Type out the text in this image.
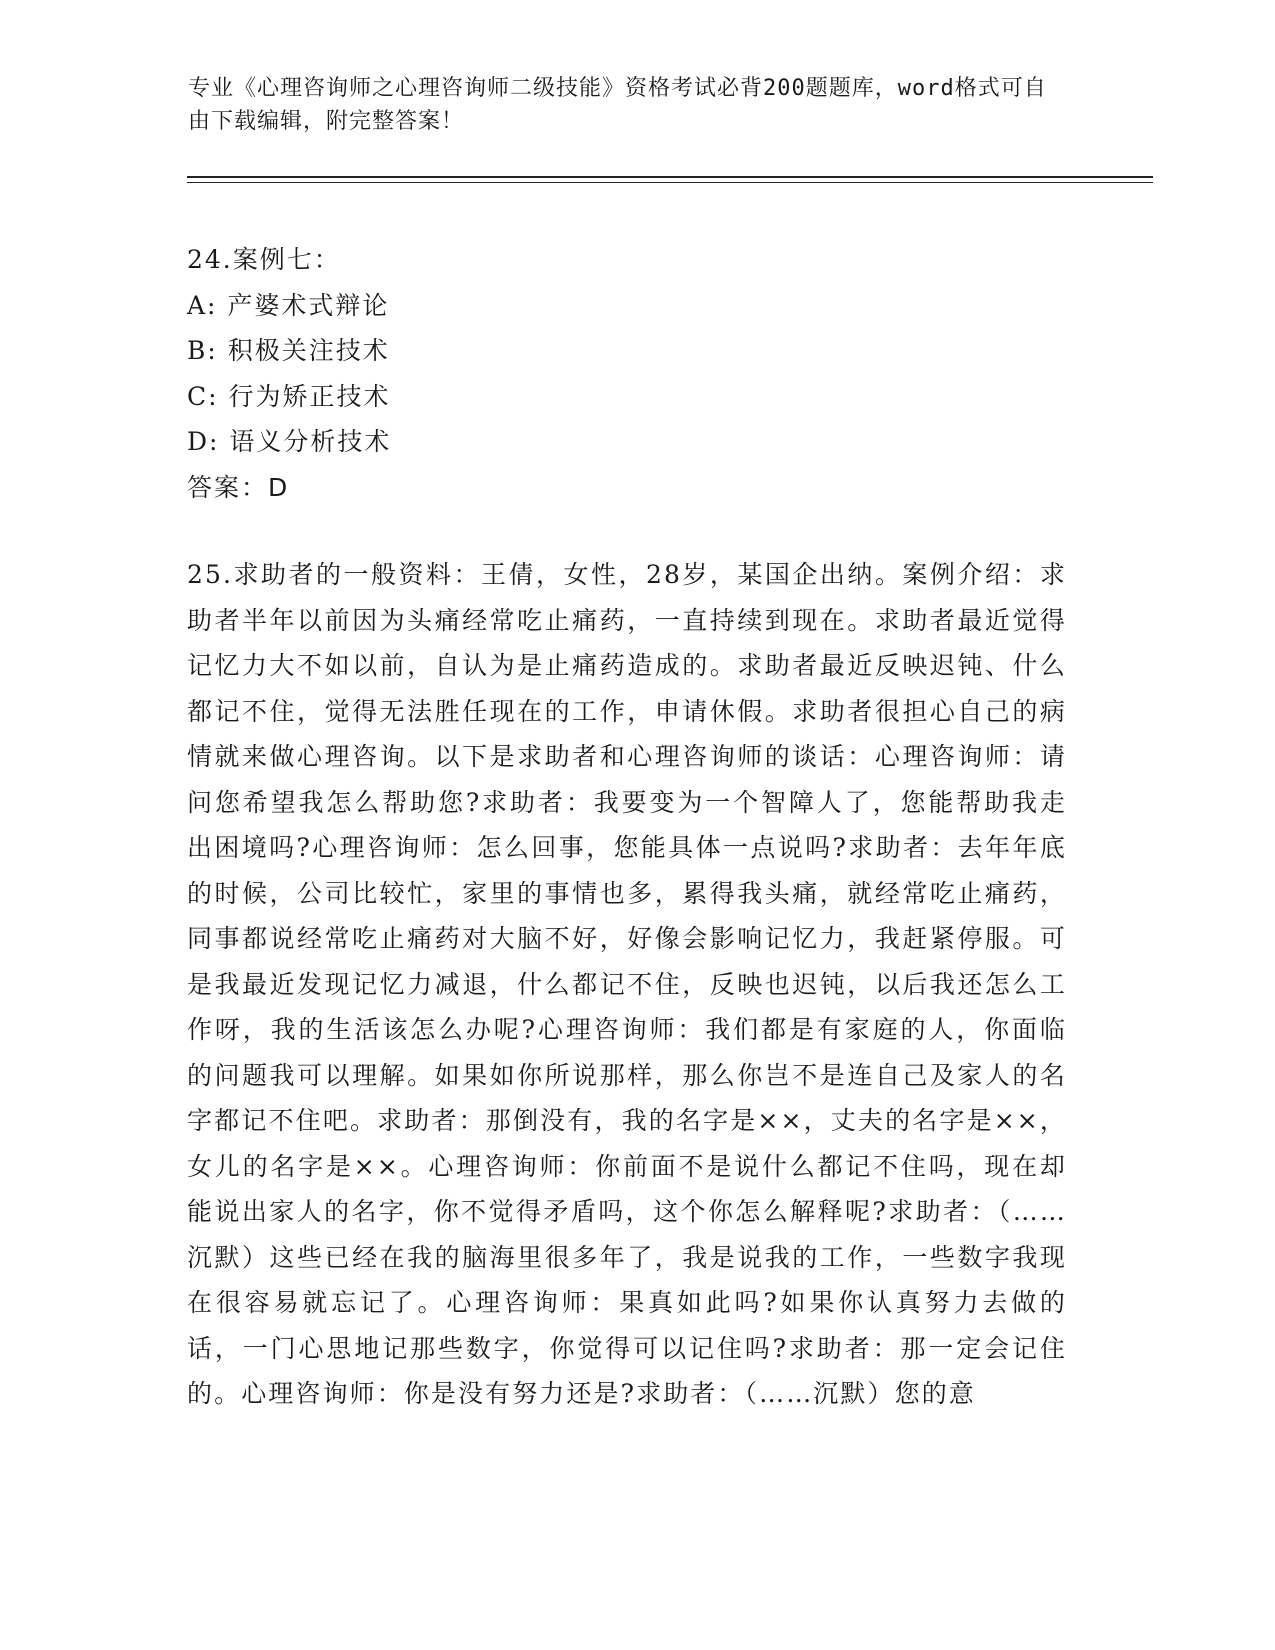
专业《心理咨询师之心理咨询师二级技能》资格考试必背200题题库，word格式可自由下载编辑，附完整答案！
24.案例七：
A: 产婆术式辩论
B: 积极关注技术
C: 行为矫正技术
D: 语义分析技术
答案：D
25.求助者的一般资料：王倩，女性，28岁，某国企出纳。案例介绍：求助者半年以前因为头痛经常吃止痛药，一直持续到现在。求助者最近觉得记忆力大不如以前，自认为是止痛药造成的。求助者最近反映迟钝、什么都记不住，觉得无法胜任现在的工作，申请休假。求助者很担心自己的病情就来做心理咨询。以下是求助者和心理咨询师的谈话：心理咨询师：请问您希望我怎么帮助您?求助者：我要变为一个智障人了，您能帮助我走出困境吗?心理咨询师：怎么回事，您能具体一点说吗?求助者：去年年底的时候，公司比较忙，家里的事情也多，累得我头痛，就经常吃止痛药，同事都说经常吃止痛药对大脑不好，好像会影响记忆力，我赶紧停服。可是我最近发现记忆力减退，什么都记不住，反映也迟钝，以后我还怎么工作呀，我的生活该怎么办呢?心理咨询师：我们都是有家庭的人，你面临的问题我可以理解。如果如你所说那样，那么你岂不是连自己及家人的名字都记不住吧。求助者：那倒没有，我的名字是××，丈夫的名字是××，女儿的名字是××。心理咨询师：你前面不是说什么都记不住吗，现在却能说出家人的名字，你不觉得矛盾吗，这个你怎么解释呢?求助者：（……沉默）这些已经在我的脑海里很多年了，我是说我的工作，一些数字我现在很容易就忘记了。心理咨询师：果真如此吗?如果你认真努力去做的话，一门心思地记那些数字，你觉得可以记住吗?求助者：那一定会记住的。心理咨询师：你是没有努力还是?求助者：（……沉默）您的意
